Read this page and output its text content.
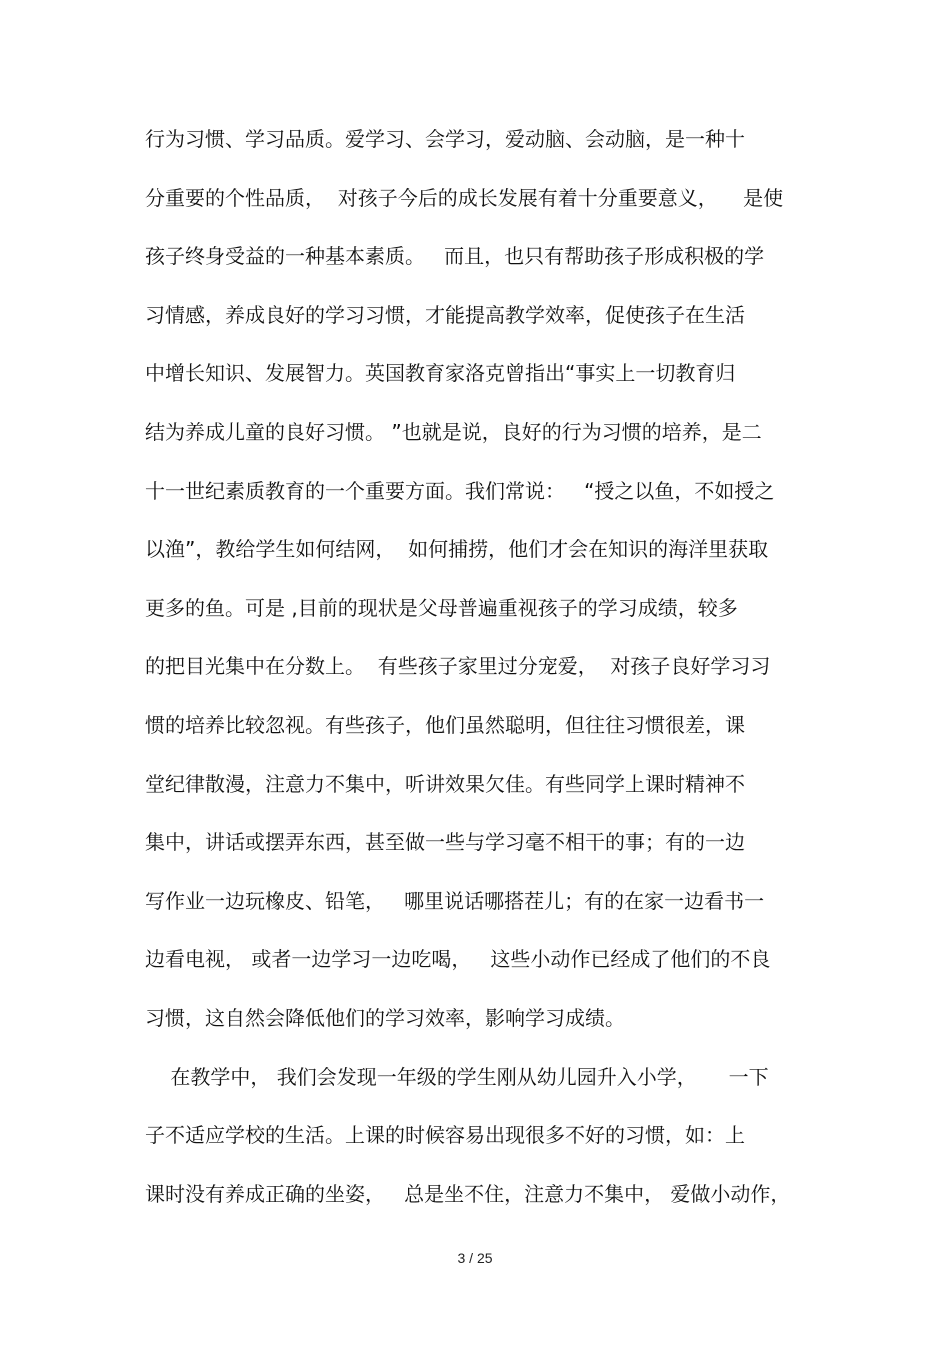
行为习惯、学习品质。爱学习、会学习，爱动脑、会动脑，是一种十
分重要的个性品质，  对孩子今后的成长发展有着十分重要意义，    是使
孩子终身受益的一种基本素质。   而且，也只有帮助孩子形成积极的学
习情感，养成良好的学习习惯，才能提高教学效率，促使孩子在生活
中增长知识、发展智力。英国教育家洛克曾指出“事实上一切教育归
结为养成儿童的良好习惯。 ”也就是说，良好的行为习惯的培养，是二
十一世纪素质教育的一个重要方面。我们常说：   “授之以鱼，不如授之
以渔”，教给学生如何结网，  如何捕捞，他们才会在知识的海洋里获取
更多的鱼。可是 ,目前的现状是父母普遍重视孩子的学习成绩，较多
的把目光集中在分数上。  有些孩子家里过分宠爱，  对孩子良好学习习
惯的培养比较忽视。有些孩子，他们虽然聪明，但往往习惯很差，课
堂纪律散漫，注意力不集中，听讲效果欠佳。有些同学上课时精神不
集中，讲话或摆弄东西，甚至做一些与学习毫不相干的事；有的一边
写作业一边玩橡皮、铅笔，   哪里说话哪搭茬儿；有的在家一边看书一
边看电视， 或者一边学习一边吃喝，   这些小动作已经成了他们的不良
习惯，这自然会降低他们的学习效率，影响学习成绩。
在教学中， 我们会发现一年级的学生刚从幼儿园升入小学，     一下
子不适应学校的生活。上课的时候容易出现很多不好的习惯，如：上
课时没有养成正确的坐姿，   总是坐不住，注意力不集中， 爱做小动作，
3 / 25
